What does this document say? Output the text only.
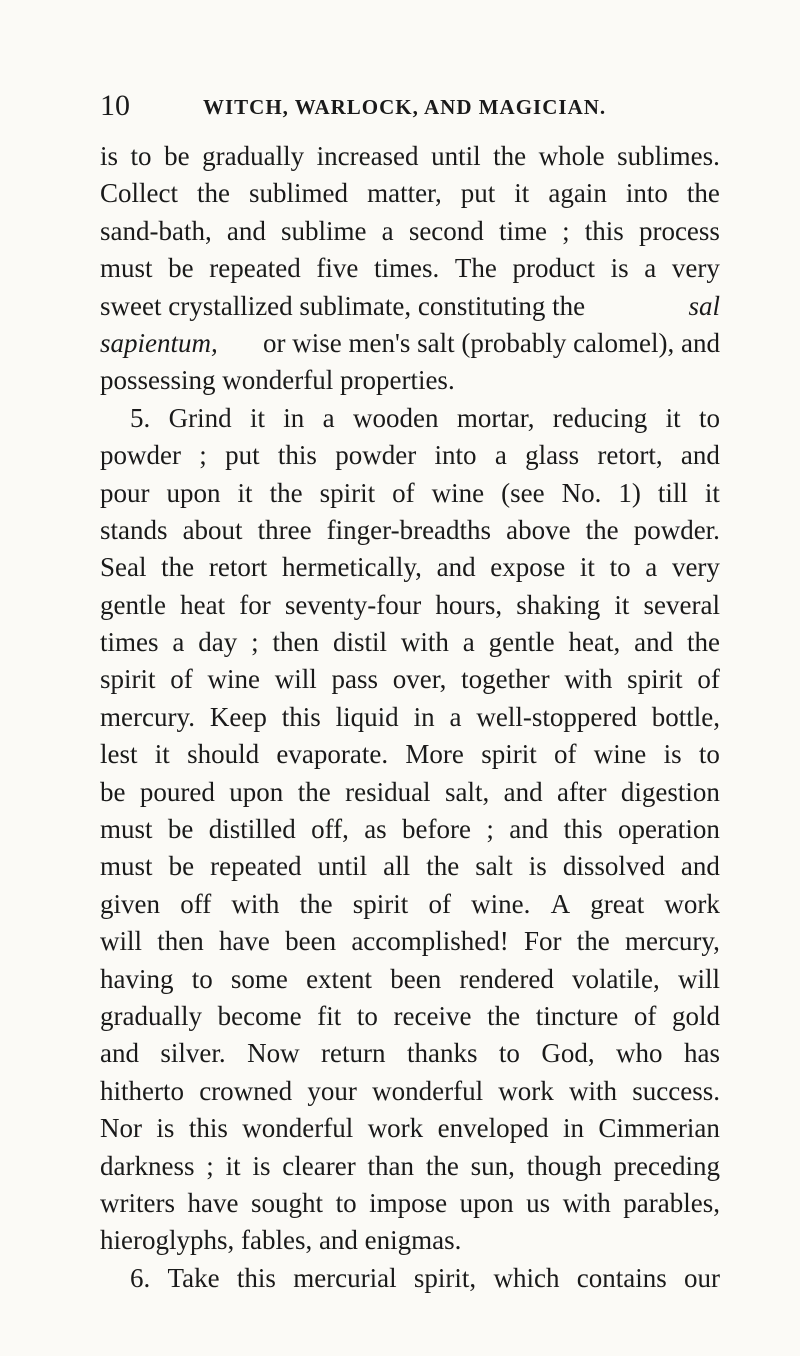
10	WITCH, WARLOCK, AND MAGICIAN.
is to be gradually increased until the whole sublimes.
Collect the sublimed matter, put it again into the
sand-bath, and sublime a second time ; this process
must be repeated five times. The product is a very
sweet crystallized sublimate, constituting the	sal
sapientum, or wise men's salt (probably calomel), and
possessing wonderful properties.
5. Grind it in a wooden mortar, reducing it to
powder ; put this powder into a glass retort, and
pour upon it the spirit of wine (see No. 1) till it
stands about three finger-breadths above the powder.
Seal the retort hermetically, and expose it to a very
gentle heat for seventy-four hours, shaking it several
times a day ; then distil with a gentle heat, and the
spirit of wine will pass over, together with spirit of
mercury. Keep this liquid in a well-stoppered bottle,
lest it should evaporate. More spirit of wine is to
be poured upon the residual salt, and after digestion
must be distilled off, as before ; and this operation
must be repeated until all the salt is dissolved and
given off with the spirit of wine. A great work
will then have been accomplished! For the mercury,
having to some extent been rendered volatile, will
gradually become fit to receive the tincture of gold
and silver. Now return thanks to God, who has
hitherto crowned your wonderful work with success.
Nor is this wonderful work enveloped in Cimmerian
darkness ; it is clearer than the sun, though preceding
writers have sought to impose upon us with parables,
hieroglyphs, fables, and enigmas.
6. Take this mercurial spirit, which contains our
